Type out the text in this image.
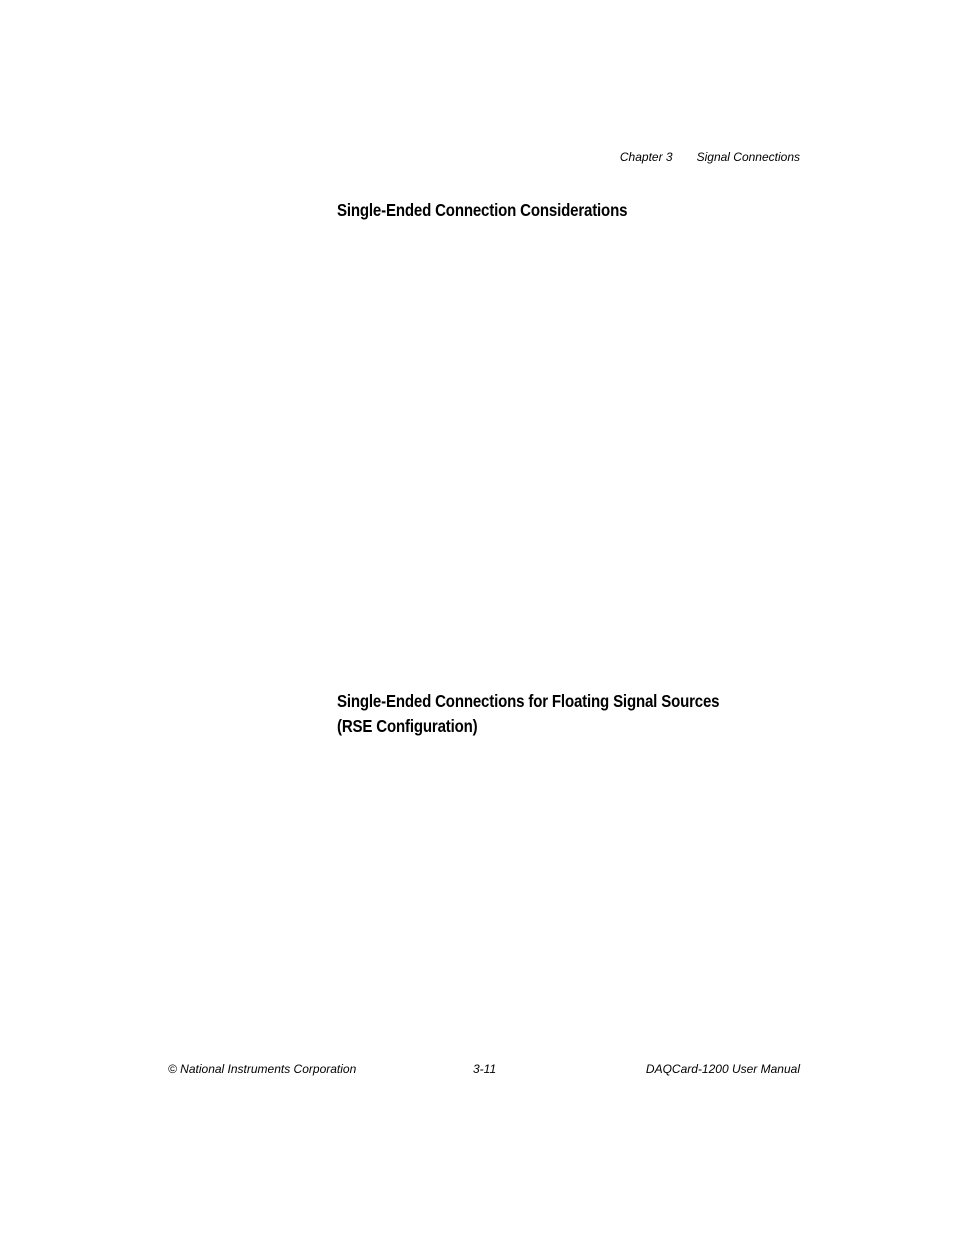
Chapter 3 Signal Connections
Single-Ended Connection Considerations
Single-Ended Connections for Floating Signal Sources
(RSE Configuration)
© National Instruments Corporation	3-11	DAQCard-1200 User Manual
